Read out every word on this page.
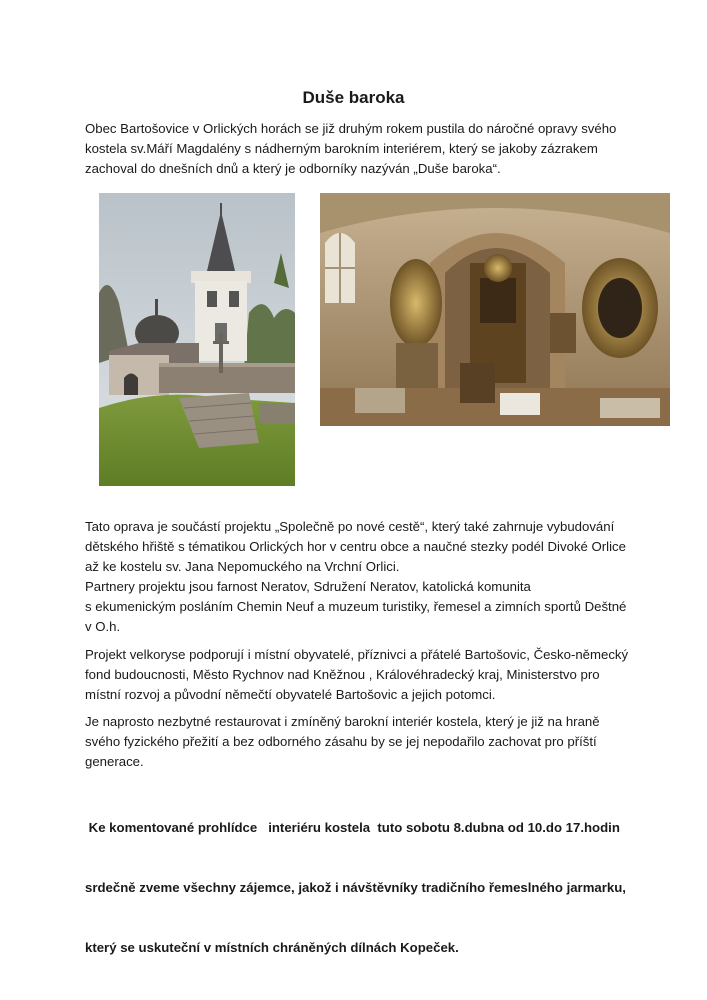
Duše baroka
Obec Bartošovice v Orlických horách se již druhým rokem pustila do náročné opravy svého
kostela sv.Máří Magdalény s nádherným barokním interiérem, který se jakoby zázrakem
zachoval do dnešních dnů a který je odborníky nazýván „Duše baroka“.
Tato oprava je součástí projektu „Společně po nové cestě“, který také zahrnuje vybudování
dětského hřiště s tématikou Orlických hor v centru obce a naučné stezky podél Divoké Orlice
až ke kostelu sv. Jana Nepomuckého na Vrchní Orlici.
Partnery projektu jsou farnost Neratov, Sdružení Neratov, katolická komunita
s ekumenickým posláním Chemin Neuf a muzeum turistiky, řemesel a zimních sportů Deštné
v O.h.
Projekt velkoryse podporují i místní obyvatelé, příznivci a přátelé Bartošovic, Česko-německý
fond budoucnosti, Město Rychnov nad Kněžnou , Královéhradecký kraj, Ministerstvo pro
místní rozvoj a původní němečtí obyvatelé Bartošovic a jejich potomci.
Je naprosto nezbytné restaurovat i zmíněný barokní interiér kostela, který je již na hraně
svého fyzického přežití a bez odborného zásahu by se jej nepodařilo zachovat pro příští
generace.

Ke komentované prohlídce   interiéru kostela  tuto sobotu 8.dubna od 10.do 17.hodin

srdečně zveme všechny zájemce, jakož i návštěvníky tradičního řemeslného jarmarku,

který se uskuteční v místních chráněných dílnách Kopeček.
